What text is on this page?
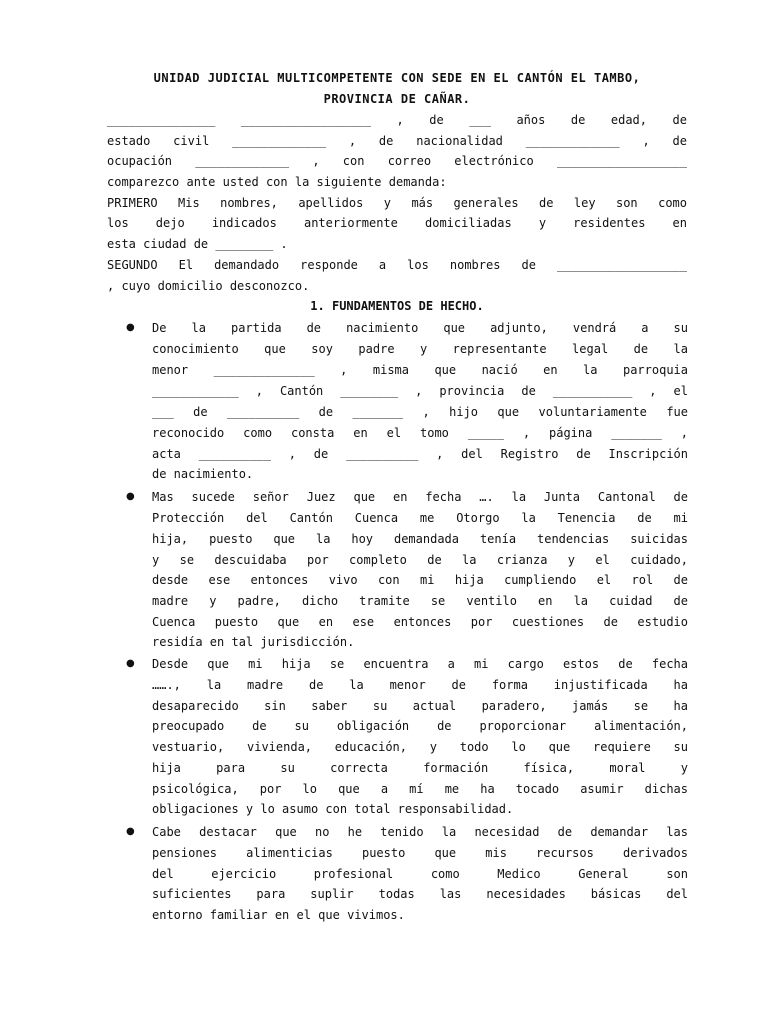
UNIDAD JUDICIAL MULTICOMPETENTE CON SEDE EN EL CANTÓN EL TAMBO,
PROVINCIA DE CAÑAR.
_______________ __________________ , de ___ años de edad, de
estado civil _____________ , de nacionalidad _____________ , de
ocupación _____________ , con correo electrónico __________________
comparezco ante usted con la siguiente demanda:
PRIMERO Mis nombres, apellidos y más generales de ley son como
los dejo indicados anteriormente domiciliadas y residentes en
esta ciudad de ________ .
SEGUNDO El demandado responde a los nombres de __________________
, cuyo domicilio desconozco.
1. FUNDAMENTOS DE HECHO.
● De la partida de nacimiento que adjunto, vendrá a su
conocimiento que soy padre y representante legal de la
menor ______________ , misma que nació en la parroquia
____________ , Cantón ________ , provincia de ___________ , el
___ de __________ de _______ , hijo que voluntariamente fue
reconocido como consta en el tomo _____ , página _______ ,
acta __________ , de __________ , del Registro de Inscripción
de nacimiento.
● Mas sucede señor Juez que en fecha …. la Junta Cantonal de
Protección del Cantón Cuenca me Otorgo la Tenencia de mi
hija, puesto que la hoy demandada tenía tendencias suicidas
y se descuidaba por completo de la crianza y el cuidado,
desde ese entonces vivo con mi hija cumpliendo el rol de
madre y padre, dicho tramite se ventilo en la cuidad de
Cuenca puesto que en ese entonces por cuestiones de estudio
residía en tal jurisdicción.
● Desde que mi hija se encuentra a mi cargo estos de fecha
……., la madre de la menor de forma injustificada ha
desaparecido sin saber su actual paradero, jamás se ha
preocupado de su obligación de proporcionar alimentación,
vestuario, vivienda, educación, y todo lo que requiere su
hija para su correcta formación física, moral y
psicológica, por lo que a mí me ha tocado asumir dichas
obligaciones y lo asumo con total responsabilidad.
● Cabe destacar que no he tenido la necesidad de demandar las
pensiones alimenticias puesto que mis recursos derivados
del ejercicio profesional como Medico General son
suficientes para suplir todas las necesidades básicas del
entorno familiar en el que vivimos.
